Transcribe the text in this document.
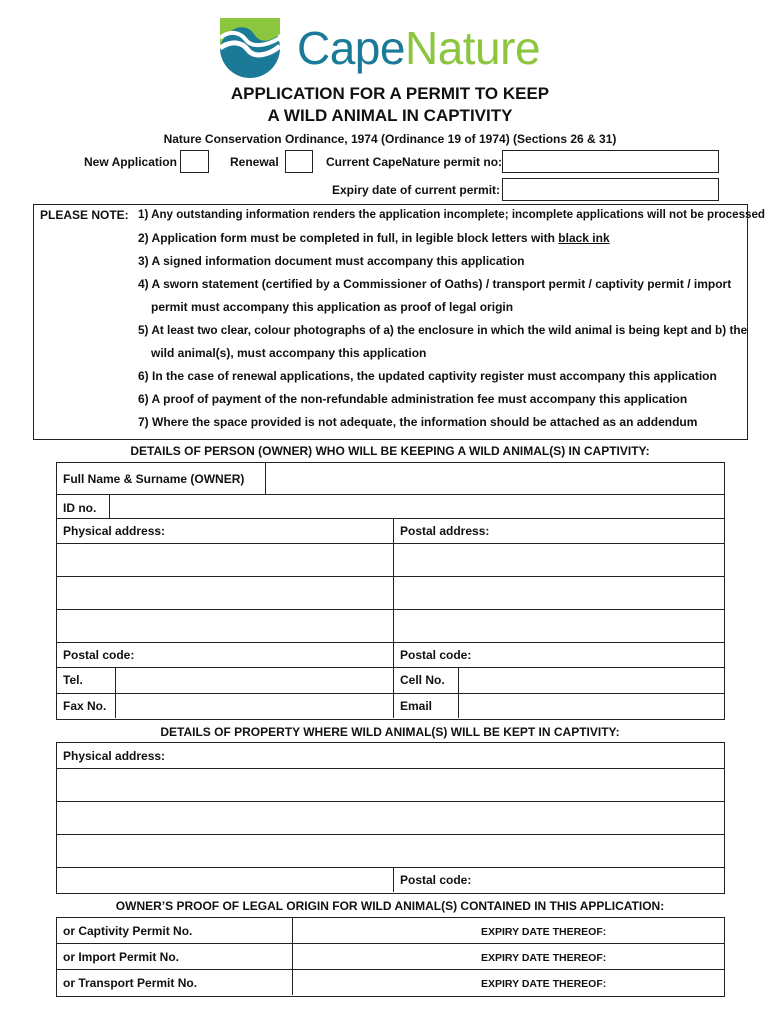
CapeNature
APPLICATION FOR A PERMIT TO KEEP
A WILD ANIMAL IN CAPTIVITY
Nature Conservation Ordinance, 1974 (Ordinance 19 of 1974) (Sections 26 & 31)
New Application	Renewal	Current CapeNature permit no:
Expiry date of current permit:
PLEASE NOTE: 1) Any outstanding information renders the application incomplete; incomplete applications will not be processed
2) Application form must be completed in full, in legible block letters with black ink
3) A signed information document must accompany this application
4) A sworn statement (certified by a Commissioner of Oaths) / transport permit / captivity permit / import
permit must accompany this application as proof of legal origin
5) At least two clear, colour photographs of a) the enclosure in which the wild animal is being kept and b) the
wild animal(s), must accompany this application
6) In the case of renewal applications, the updated captivity register must accompany this application
6) A proof of payment of the non-refundable administration fee must accompany this application
7) Where the space provided is not adequate, the information should be attached as an addendum
DETAILS OF PERSON (OWNER) WHO WILL BE KEEPING A WILD ANIMAL(S) IN CAPTIVITY:
Full Name & Surname (OWNER)
ID no.
Physical address:	Postal address:
Postal code:	Postal code:
Tel.	Cell No.
Fax No.	Email
DETAILS OF PROPERTY WHERE WILD ANIMAL(S) WILL BE KEPT IN CAPTIVITY:
Physical address:
Postal code:
OWNER’S PROOF OF LEGAL ORIGIN FOR WILD ANIMAL(S) CONTAINED IN THIS APPLICATION:
or Captivity Permit No.	EXPIRY DATE THEREOF:
or Import Permit No.	EXPIRY DATE THEREOF:
or Transport Permit No.	EXPIRY DATE THEREOF:
